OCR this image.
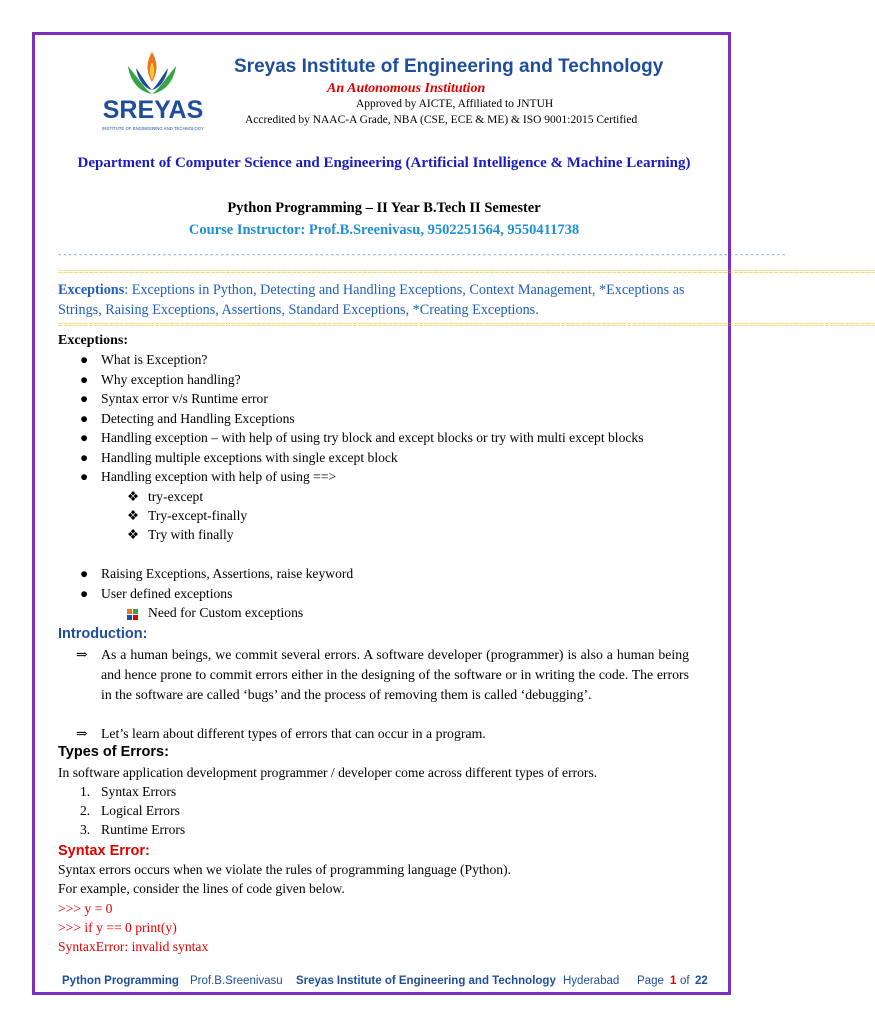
SREYAS
INSTITUTE OF ENGINEERING AND TECHNOLOGY
Sreyas Institute of Engineering and Technology
An Autonomous Institution
Approved by AICTE, Affiliated to JNTUH
Accredited by NAAC-A Grade, NBA (CSE, ECE & ME) & ISO 9001:2015 Certified
Department of Computer Science and Engineering (Artificial Intelligence & Machine Learning)
Python Programming – II Year B.Tech II Semester
Course Instructor: Prof.B.Sreenivasu, 9502251564, 9550411738
- - - - - - - - - - - - - - - - - - - - - - - - - - - - - - - - - - - - - - - - - - - - - - - - - - - - - - - - - - - - - - - - - - - - - - - - - - - - - - - - - - - - - - - - - - - - - - - - - - - - - - - - - - - - - - - - - - - - - - - - - - - - - - - - - - - - - - - - - - -
=================================================================================================================================================================
Exceptions: Exceptions in Python, Detecting and Handling Exceptions, Context Management, *Exceptions as Strings, Raising Exceptions, Assertions, Standard Exceptions, *Creating Exceptions.
=================================================================================================================================================================
Exceptions:
● What is Exception?
● Why exception handling?
● Syntax error v/s Runtime error
● Detecting and Handling Exceptions
● Handling exception – with help of using try block and except blocks or try with multi except blocks
● Handling multiple exceptions with single except block
● Handling exception with help of using ==>
❖ try-except
❖ Try-except-finally
❖ Try with finally
● Raising Exceptions, Assertions, raise keyword
● User defined exceptions
Need for Custom exceptions
Introduction:
⇒ As a human beings, we commit several errors. A software developer (programmer) is also a human being and hence prone to commit errors either in the designing of the software or in writing the code. The errors in the software are called ‘bugs’ and the process of removing them is called ‘debugging’.
⇒ Let’s learn about different types of errors that can occur in a program.
Types of Errors:
In software application development programmer / developer come across different types of errors.
1. Syntax Errors
2. Logical Errors
3. Runtime Errors
Syntax Error:
Syntax errors occurs when we violate the rules of programming language (Python).
For example, consider the lines of code given below.
>>> y = 0
>>> if y == 0 print(y)
SyntaxError: invalid syntax
Python Programming Prof.B.Sreenivasu Sreyas Institute of Engineering and Technology Hyderabad Page 1 of 22
